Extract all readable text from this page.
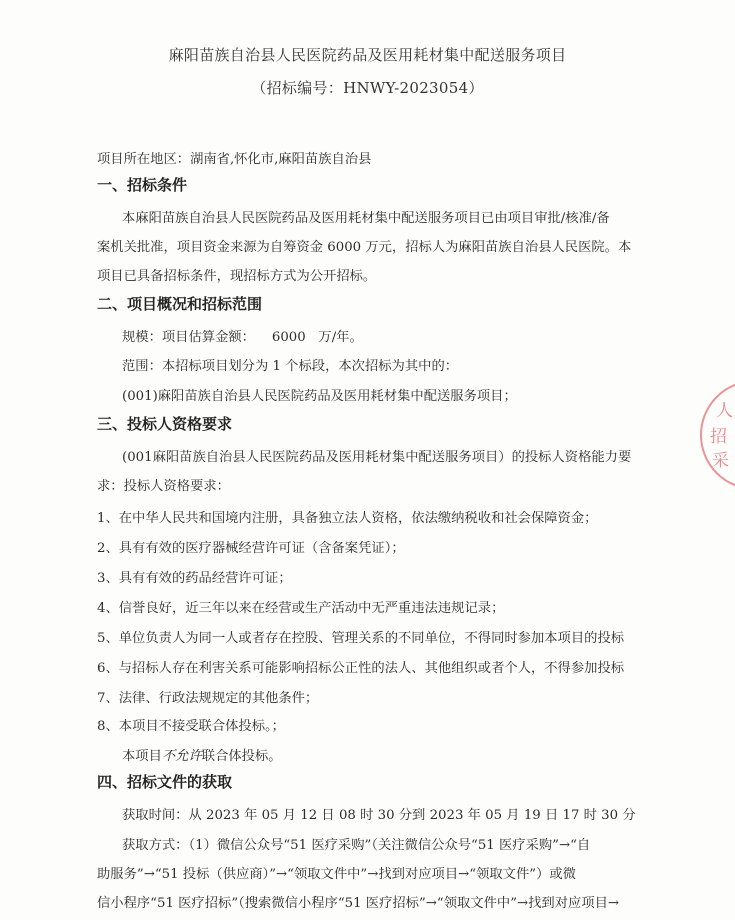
麻阳苗族自治县人民医院药品及医用耗材集中配送服务项目
（招标编号：HNWY-2023054）
项目所在地区：湖南省,怀化市,麻阳苗族自治县
一、招标条件
本麻阳苗族自治县人民医院药品及医用耗材集中配送服务项目已由项目审批/核准/备
案机关批准，项目资金来源为自筹资金 6000 万元，招标人为麻阳苗族自治县人民医院。本
项目已具备招标条件，现招标方式为公开招标。
二、项目概况和招标范围
规模：项目估算金额：    6000   万/年。
范围：本招标项目划分为 1 个标段，本次招标为其中的：
(001)麻阳苗族自治县人民医院药品及医用耗材集中配送服务项目；
三、投标人资格要求
(001麻阳苗族自治县人民医院药品及医用耗材集中配送服务项目）的投标人资格能力要
求：投标人资格要求：
1、在中华人民共和国境内注册，具备独立法人资格，依法缴纳税收和社会保障资金；
2、具有有效的医疗器械经营许可证（含备案凭证）；
3、具有有效的药品经营许可证；
4、信誉良好，近三年以来在经营或生产活动中无严重违法违规记录；
5、单位负责人为同一人或者存在控股、管理关系的不同单位，不得同时参加本项目的投标
6、与招标人存在利害关系可能影响招标公正性的法人、其他组织或者个人，不得参加投标
7、法律、行政法规规定的其他条件；
8、本项目不接受联合体投标。；
本项目不允许联合体投标。
四、招标文件的获取
获取时间：从 2023 年 05 月 12 日 08 时 30 分到 2023 年 05 月 19 日 17 时 30 分
获取方式：（1）微信公众号“51 医疗采购”（关注微信公众号“51 医疗采购”→“自
助服务”→“51 投标（供应商）”→“领取文件中”→找到对应项目→“领取文件”）或微
信小程序“51 医疗招标”（搜索微信小程序“51 医疗招标”→“领取文件中”→找到对应项目→
人
招
采
